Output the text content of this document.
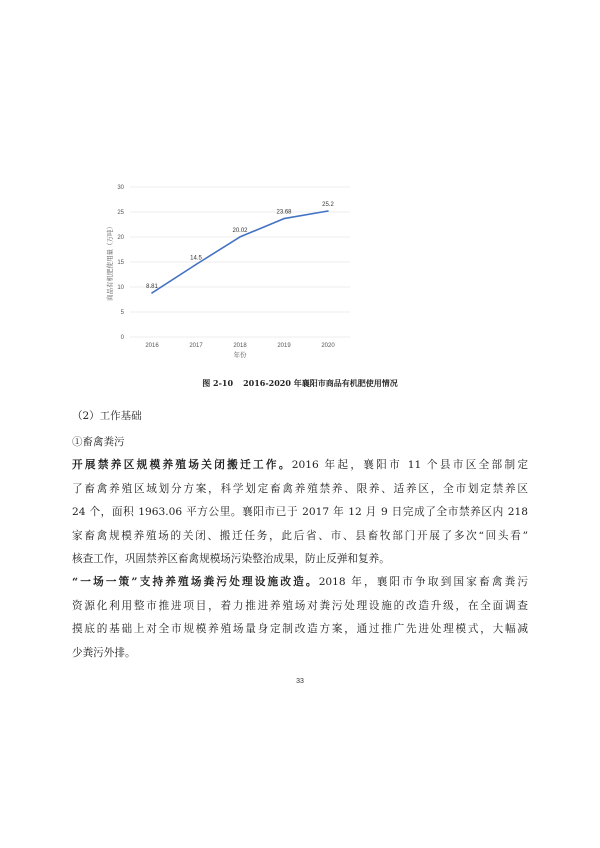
0
5
10
15
20
25
30
2016	2017	2018	2019	2020
年份
商品有机肥使用量（万吨）	8.81
14.5
20.02
23.68
25.2
图 2-10 2016-2020 年襄阳市商品有机肥使用情况
（2）工作基础
①畜禽粪污
开展禁养区规模养殖场关闭搬迁工作。2016 年起，襄阳市 11 个县市区全部制定
了畜禽养殖区域划分方案，科学划定畜禽养殖禁养、限养、适养区，全市划定禁养区
24 个，面积 1963.06 平方公里。襄阳市已于 2017 年 12 月 9 日完成了全市禁养区内 218
家畜禽规模养殖场的关闭、搬迁任务，此后省、市、县畜牧部门开展了多次“回头看”
核查工作，巩固禁养区畜禽规模场污染整治成果，防止反弹和复养。
“一场一策”支持养殖场粪污处理设施改造。2018 年，襄阳市争取到国家畜禽粪污
资源化利用整市推进项目，着力推进养殖场对粪污处理设施的改造升级，在全面调查
摸底的基础上对全市规模养殖场量身定制改造方案，通过推广先进处理模式，大幅减
少粪污外排。
33
